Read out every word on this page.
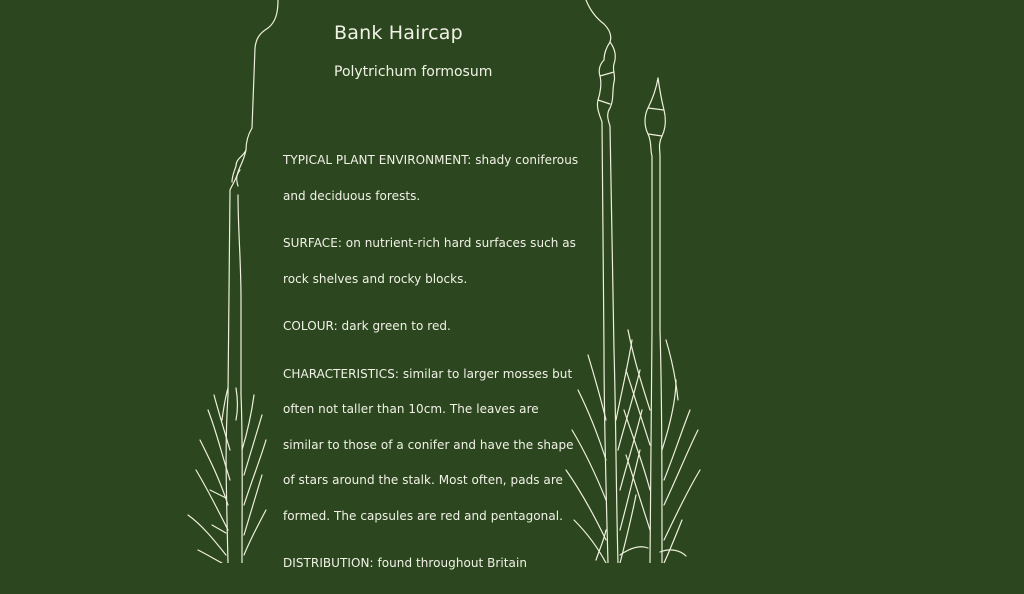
Bank Haircap
Polytrichum formosum

TYPICAL PLANT ENVIRONMENT: shady coniferous and deciduous forests.

SURFACE: on nutrient-rich hard surfaces such as rock shelves and rocky blocks.

COLOUR: dark green to red.

CHARACTERISTICS: similar to larger mosses but often not taller than 10cm. The leaves are similar to those of a conifer and have the shape of stars around the stalk. Most often, pads are formed. The capsules are red and pentagonal.

DISTRIBUTION: found throughout Britain
